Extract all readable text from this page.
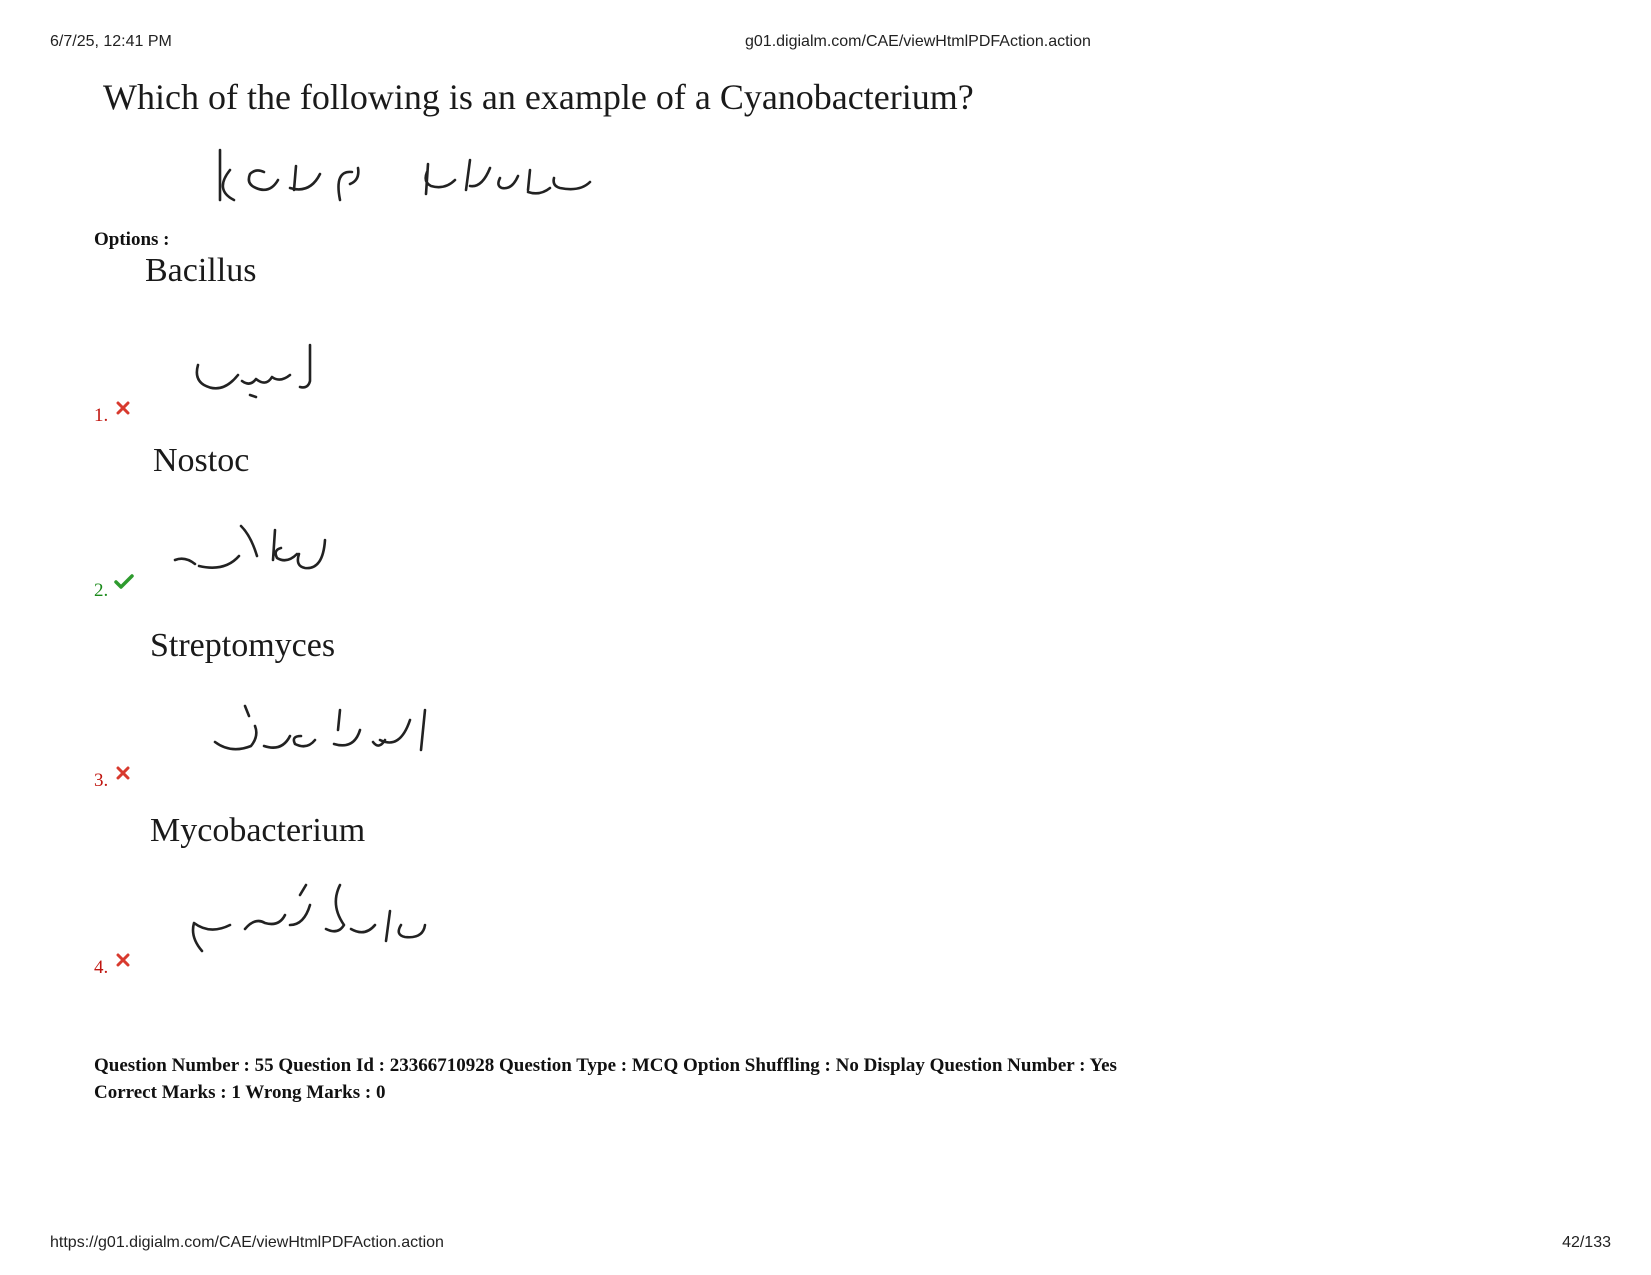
6/7/25, 12:41 PM	g01.digialm.com/CAE/viewHtmlPDFAction.action
Which of the following is an example of a Cyanobacterium?
Options :
Bacillus
1.
Nostoc
2.
Streptomyces
3.
Mycobacterium
4.
Question Number : 55 Question Id : 23366710928 Question Type : MCQ Option Shuffling : No Display Question Number : Yes
Correct Marks : 1 Wrong Marks : 0
https://g01.digialm.com/CAE/viewHtmlPDFAction.action	42/133
